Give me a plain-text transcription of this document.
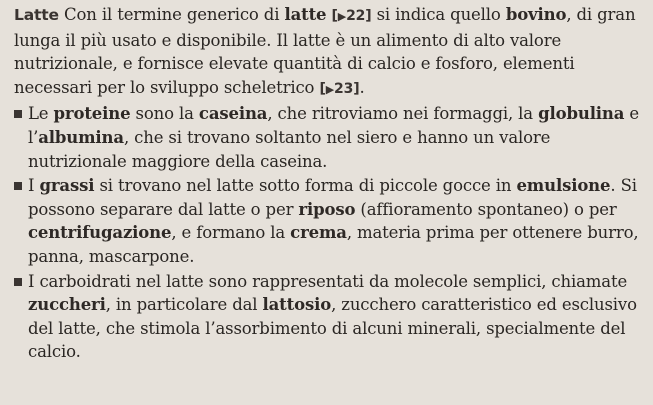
Latte Con il termine generico di latte [▶22] si indica quello bovino, di gran lunga il più usato e disponibile. Il latte è un alimento di alto valore nutrizionale, e fornisce elevate quantità di calcio e fosforo, elementi necessari per lo sviluppo scheletrico [▶23].

Le proteine sono la caseina, che ritroviamo nei formaggi, la globulina e l’albumina, che si trovano soltanto nel siero e hanno un valore nutrizionale maggiore della caseina.

I grassi si trovano nel latte sotto forma di piccole gocce in emulsione. Si possono separare dal latte o per riposo (affioramento spontaneo) o per centrifugazione, e formano la crema, materia prima per ottenere burro, panna, mascarpone.

I carboidrati nel latte sono rappresentati da molecole semplici, chiamate zuccheri, in particolare dal lattosio, zucchero caratteristico ed esclusivo del latte, che stimola l’assorbimento di alcuni minerali, specialmente del calcio.
